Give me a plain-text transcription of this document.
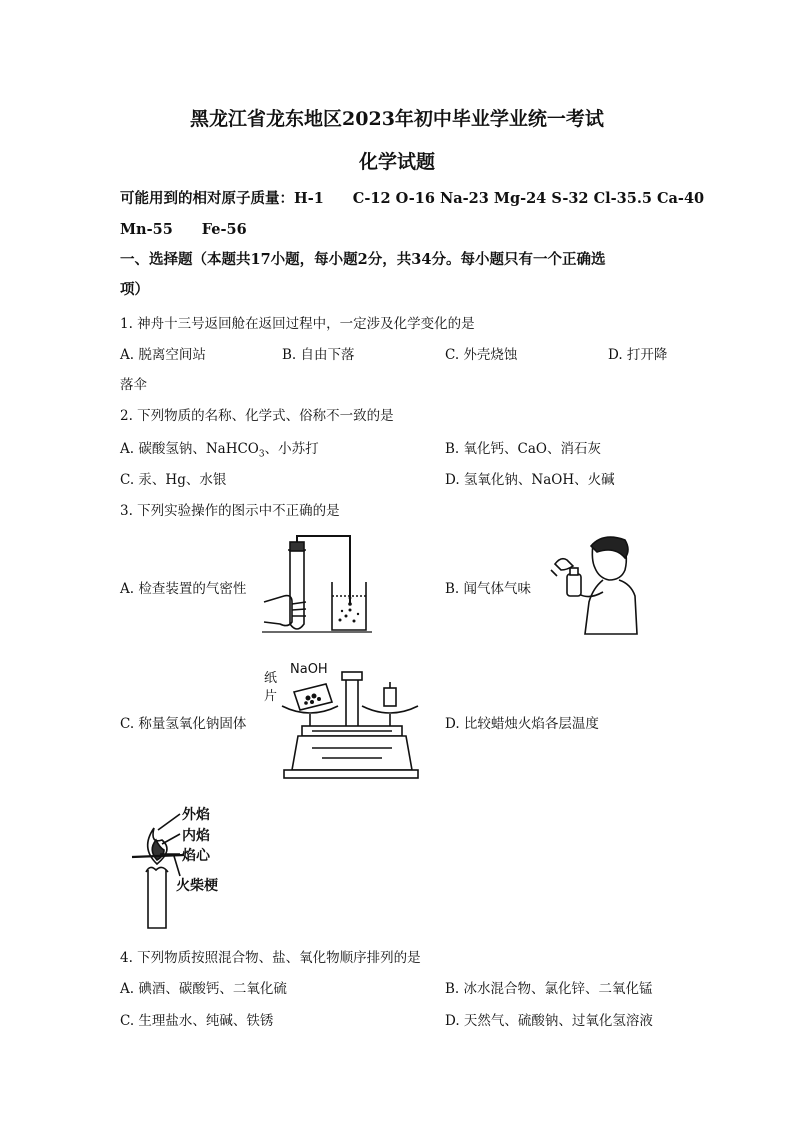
黑龙江省龙东地区2023年初中毕业学业统一考试
化学试题
可能用到的相对原子质量：H-1　　C-12 O-16 Na-23 Mg-24 S-32 Cl-35.5 Ca-40
Mn-55　　Fe-56
一、选择题（本题共17小题，每小题2分，共34分。每小题只有一个正确选
项）
1. 神舟十三号返回舱在返回过程中，一定涉及化学变化的是
A. 脱离空间站	B. 自由下落	C. 外壳烧蚀	D. 打开降
落伞
2. 下列物质的名称、化学式、俗称不一致的是
A. 碳酸氢钠、NaHCO$_3$、小苏打	B. 氧化钙、CaO、消石灰
C. 汞、Hg、水银	D. 氢氧化钠、NaOH、火碱
3. 下列实验操作的图示中不正确的是
A. 检查装置的气密性	B. 闻气体气味
C. 称量氢氧化钠固体	D. 比较蜡烛火焰各层温度
NaOH
纸
片
外焰
内焰
焰心
火柴梗
4. 下列物质按照混合物、盐、氧化物顺序排列的是
A. 碘酒、碳酸钙、二氧化硫	B. 冰水混合物、氯化锌、二氧化锰
C. 生理盐水、纯碱、铁锈	D. 天然气、硫酸钠、过氧化氢溶液
